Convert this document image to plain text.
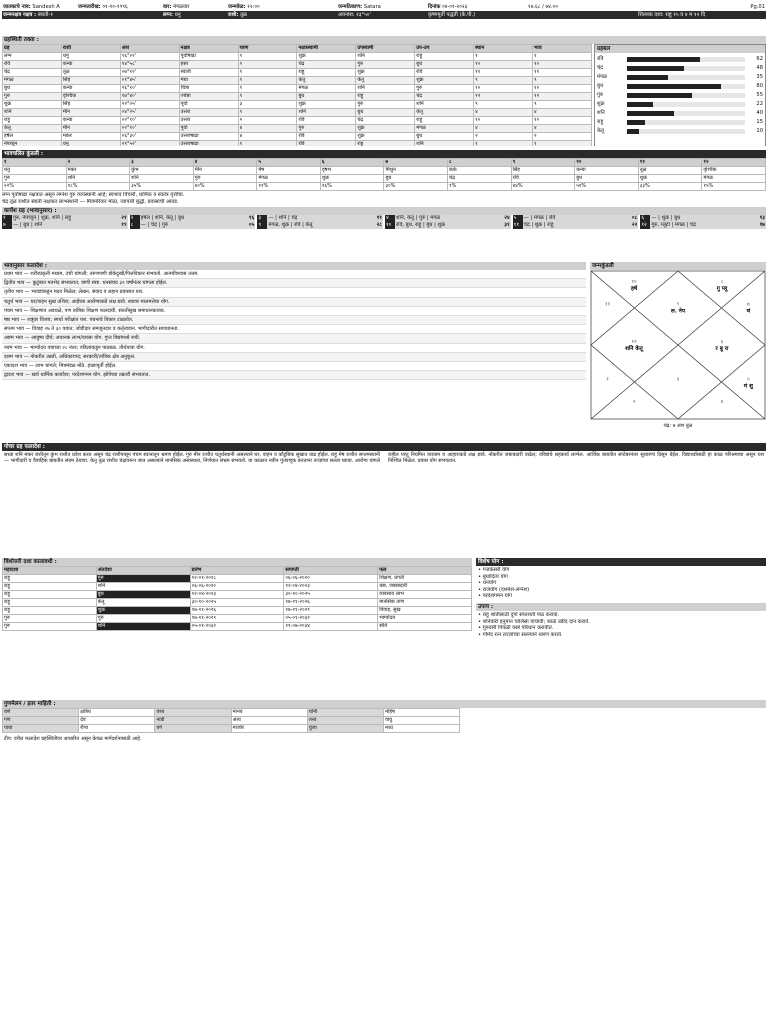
जातकाचे नाव: Sandesh A	जन्मतारीख: ०१-१०-१९९६	वार: मंगळवार	जन्मवेळ: १२:००	जन्मठिकाण: Satara	दिनांक ०४-०१-२०२३	१७.६८ / ७४.००	Pg.01
जन्मनक्षत्र नक्षत्र : स्वाती-१	लग्न: धनु	राशी: तूळ	अयनांश: २३°५०'	कृष्णमूर्ती पद्धती (के.पी.)	शिल्लक दशा: राहू १५ व ४ म १२ दि
ग्रहस्थिती तक्ता :
ग्रह	राशी	अंश	नक्षत्र	चरण	नक्षत्रस्वामी	उपस्वामी	उप-उप	स्थान	भाव
लग्न	धनु	१६°२२'	पूर्वाषाढा	१	शुक्र	शनि	राहू	१	१
रवि	कन्या	१४°५८'	हस्त	२	चंद्र	गुरु	बुध	१०	१०
चंद्र	तूळ	०७°१२'	स्वाती	१	राहू	शुक्र	रवि	११	११
मंगळ	सिंह	०१°४५'	मघा	१	केतू	केतू	शुक्र	९	९
बुध	कन्या	२६°१०'	चित्रा	१	मंगळ	शनि	गुरु	१०	१०
गुरु	वृश्चिक	१७°४०'	ज्येष्ठा	१	बुध	राहू	चंद्र	१२	१२
शुक्र	सिंह	२२°०५'	पूर्वा	३	शुक्र	गुरु	शनि	९	९
शनि	मीन	०४°२५'	उत्तरा	१	शनि	बुध	केतू	४	४
राहू	कन्या	०२°१०'	उत्तरा	२	रवि	चंद्र	राहू	१०	१०
केतू	मीन	०२°१०'	पूर्वा	४	गुरु	शुक्र	मंगळ	४	४
हर्षल	मकर	०६°३०'	उत्तराषाढा	४	रवि	शुक्र	बुध	२	२
नेपच्यून	धनु	२९°५२'	उत्तराषाढा	१	रवि	राहू	शनि	१	१

ग्रहबल
रवि	62
चंद्र	48
मंगळ	35
बुध	80
गुरु	55
शुक्र	22
शनि	40
राहू	15
केतू	10
भावचलित कुंडली :
१	२	३	४	५	६	७	८	९	१०	११	१२
धनु	मकर	कुंभ	मीन	मेष	वृषभ	मिथुन	कर्क	सिंह	कन्या	तूळ	वृश्चिक
गुरु	शनि	शनि	गुरु	मंगळ	शुक्र	बुध	चंद्र	रवि	बुध	शुक्र	मंगळ
२२%	१८%	३५%	४०%	१२%	२६%	३०%	९%	४४%	५१%	३३%	१५%
लग्न पूर्वाषाढा नक्षत्रात असून लग्नेश गुरु व्ययस्थानी आहे; स्वभाव विचारी, धार्मिक व स्वतंत्र वृत्तीचा.
चंद्र तूळ राशीत स्वाती नक्षत्रात लाभस्थानी — मित्रपरिवार मोठा, व्यापारी बुद्धी, प्रवासाची आवड.
कार्येश ग्रह (भावानुसार) :
१	गुरु, नेपच्यून | शुक्र, शनि | राहू	२१ २	हर्षल | शनि, केतू | बुध	१६ ३	— | शनि | चंद्र	११ ४	शनि, केतू | गुरु | मंगळ	२४ ५	— | मंगळ | रवि	०८ ६	— | शुक्र | बुध	१३
७	— | बुध | शनि	१९ ८	— | चंद्र | गुरु	०५ ९	मंगळ, शुक्र | रवि | केतू	२८ १० रवि, बुध, राहू | बुध | शुक्र	३१ ११ चंद्र | शुक्र | राहू	२२ १२ गुरु, प्लूटो | मंगळ | चंद्र	१७
भावानुसार फलादेश :
प्रथम भाव — शरीरप्रकृती मध्यम, उंची चांगली; तरुणपणी डोकेदुखी/पित्तविकार संभवतो. आत्मविश्वास उत्तम.
द्वितीय भाव — कुटुंबात मतभेद संभवतात; वाणी स्पष्ट. धनसंचय ३२ वर्षांनंतर चांगला होईल.
तृतीय भाव — भावंडांकडून मदत मिळेल; लेखन, संवाद व लहान प्रवासात यश.
चतुर्थ भाव — घर/वाहन सुख उशिरा; आईच्या आरोग्याकडे लक्ष द्यावे. स्थावर मालमत्तेचा योग.
पंचम भाव — शिक्षणात अडथळे, पण तांत्रिक शिक्षण फलदायी. संततीसुख समाधानकारक.
षष्ठ भाव — शत्रूंवर विजय; स्पर्धा परीक्षांत यश. पचनाचे विकार टाळावेत.
सप्तम भाव — विवाह २७ ते ३० वयात; जोडीदार समजूतदार व कर्तृत्ववान. भागीदारीत सावधानता.
अष्टम भाव — आयुष्य दीर्घ; अचानक लाभ/वारसा योग. गुप्त विद्यांमध्ये रुची.
नवम भाव — भाग्योदय वयाच्या २८ नंतर; वडिलांकडून पाठबळ. तीर्थयात्रा योग.
दशम भाव — नोकरीत उन्नती, अधिकारपद; सरकारी/तांत्रिक क्षेत्र अनुकूल.
एकादश भाव — लाभ चांगले; मित्रमंडळ मोठे. इच्छापूर्ती होईल.
द्वादश भाव — खर्च धार्मिक कार्यांवर; परदेशगमन योग. झोपेच्या तक्रारी संभवतात.
जन्मकुंडली
९
ल. नेप
१०
हर्ष
११
१२
शनि केतू
१
२
३
४
५
मं शु
६
र बु रा
७
चं
८
गु प्लू
चंद्र: ७ अंश तूळ
गोचर ग्रह फलादेश :
सध्या शनि मकर राशीतून कुंभ राशीत प्रवेश करत असून चंद्र राशीपासून पंचम स्थानातून भ्रमण होईल. गुरु मीन राशीत चतुर्थस्थानी असल्याने घर, वाहन व कौटुंबिक सुखात वाढ होईल. राहू मेष राशीत सप्तमस्थानी — भागीदारी व वैवाहिक बाबतीत संयम ठेवावा. केतू तूळ राशीत चंद्रावरून जात असल्याने मानसिक अस्वस्थता, निर्णयात संभ्रम संभवतो. या काळात नवीन गुंतवणूक करताना तज्ज्ञांचा सल्ला घ्यावा. आरोग्य चांगले राहील परंतु नियमित व्यायाम व आहाराकडे लक्ष द्यावे. नोकरीत जबाबदारी वाढेल; वरिष्ठांचे सहकार्य लाभेल. आर्थिक बाबतीत सप्टेंबरनंतर सुधारणा दिसून येईल. विद्यार्थ्यांसाठी हा काळ परिश्रमाचा असून यश निश्चित मिळेल. प्रवास योग संभवतात.
विंशोत्तरी दशा कालावधी :
महादशा	अंतर्दशा	प्रारंभ	समाप्ती	फल
राहू	गुरु	१२-०१-२०१८	०६-०६-२०२०	शिक्षण, प्रगती
राहू	शनि	०६-०६-२०२०	१२-०४-२०२३	कष्ट, जबाबदारी
राहू	बुध	१२-०४-२०२३	३०-१०-२०२५	व्यवसाय लाभ
राहू	केतू	३०-१०-२०२५	१७-११-२०२६	मानसिक ताण
राहू	शुक्र	१७-११-२०२६	१७-११-२०२९	विवाह, सुख
गुरु	गुरु	१७-११-२०२९	०५-०१-२०३२	भाग्योदय
गुरु	शनि	०५-०१-२०३२	१९-०७-२०३४	स्थैर्य
विशेष योग :
• गजकेसरी योग
• बुधादित्य योग
• धनयोग
• राजयोग (दशमेश-लग्नेश)
• परदेशगमन योग
उपाय :
• राहू शांतीसाठी दुर्गा सप्तशती पाठ करावा.
• शनिवारी हनुमान चालिसा वाचावी; काळे उडीद दान करावे.
• गुरुवारी पिवळी वस्त्रे परिधान करावीत.
• गोमेद रत्न तज्ज्ञांच्या सल्ल्याने धारण करावे.
गुणमेलन / इतर माहिती :
वर्ण	क्षत्रिय	वश्य	मानव	योनी	महिष
गण	देव	नाडी	अंत्य	तत्त्व	वायु
पाया	रौप्य	वर्ग	मार्जार	युंजा	मध्य
टीप: वरील फलादेश ग्रहस्थितीवर आधारित असून केवळ मार्गदर्शनासाठी आहे.
